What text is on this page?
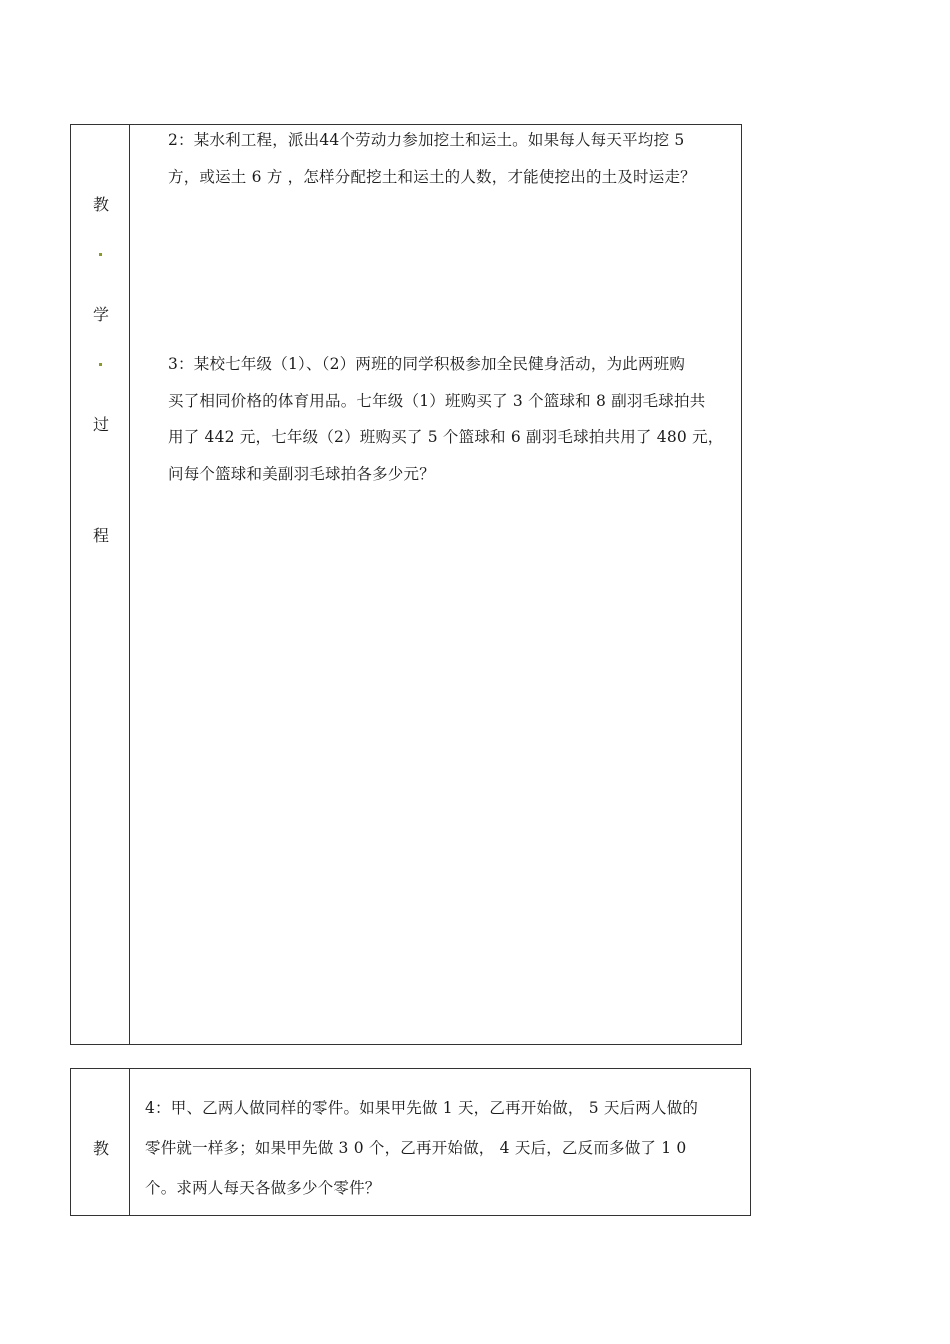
教
学
过
程

2：某水利工程，派出44个劳动力参加挖土和运土。如果每人每天平均挖 5

方，或运土 6 方 ，怎样分配挖土和运土的人数，才能使挖出的土及时运走？

3：某校七年级（1）、（2）两班的同学积极参加全民健身活动，为此两班购

买了相同价格的体育用品。七年级（1）班购买了 3 个篮球和 8 副羽毛球拍共

用了 442 元，七年级（2）班购买了 5 个篮球和 6 副羽毛球拍共用了 480 元，

问每个篮球和美副羽毛球拍各多少元？

教

4：甲、乙两人做同样的零件。如果甲先做 1 天，乙再开始做， 5 天后两人做的

零件就一样多；如果甲先做 3 0 个，乙再开始做， 4 天后，乙反而多做了 1 0

个。求两人每天各做多少个零件？
